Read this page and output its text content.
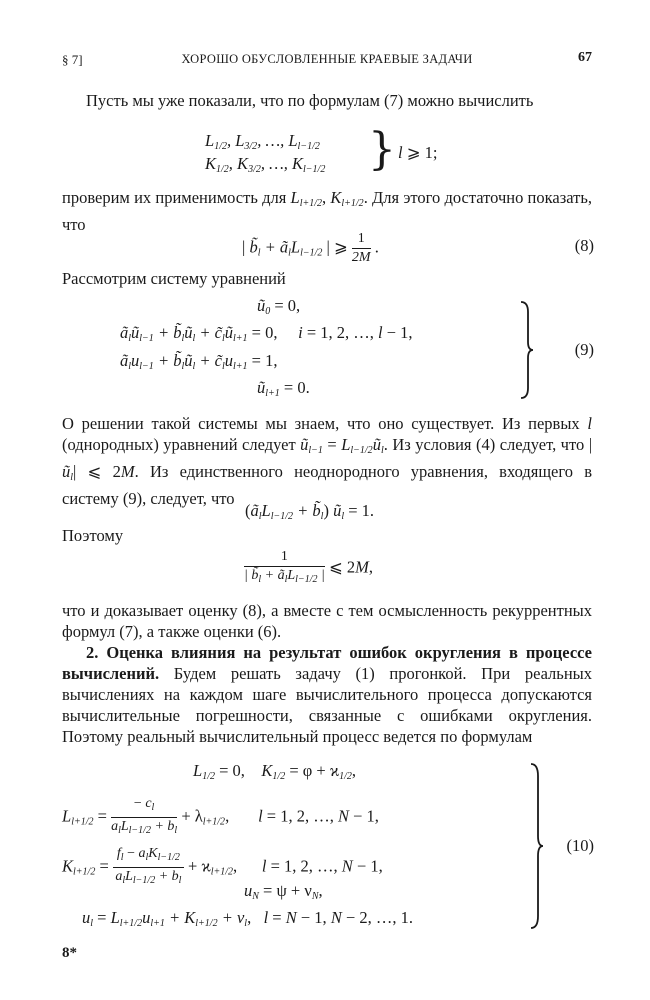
§ 7]	ХОРОШО ОБУСЛОВЛЕННЫЕ КРАЕВЫЕ ЗАДАЧИ	67
Пусть мы уже показали, что по формулам (7) можно вычислить
$L_{1/2}$, $L_{3/2}$, …, $L_{l-1/2}$
$K_{1/2}$, $K_{3/2}$, …, $K_{l-1/2}$ } l ⩾ 1;
проверим их применимость для $L_{l+1/2}$, $K_{l+1/2}$. Для этого достаточно показать, что
| $b̃_l$ + $ã_lL_{l-1/2}$ | ⩾ $\frac{1}{2M}$ .	(8)
Рассмотрим систему уравнений
$ũ_0 = 0$,
$ã_lũ_{l-1}$ + $b̃_lũ_l$ + $c̃_lũ_{l+1} = 0$,     i = 1, 2, …, l − 1,
$ã_lu_{l-1}$ + $b̃_lũ_l$ + $c̃_lu_{l+1} = 1$,
$ũ_{l+1} = 0$.
(9)
О решении такой системы мы знаем, что оно существует. Из первых l (однородных) уравнений следует $ũ_{l-1}$ = $L_{l-1/2}ũ_l$. Из условия (4) следует, что $|ũ_l|$ ⩽ 2M. Из единственного неоднородного уравнения, входящего в систему (9), следует, что
($ã_lL_{l-1/2}$ + $b̃_l$) $ũ_l = 1$.
Поэтому
$\frac{1}{| b̃_l + ã_lL_{l-1/2} |}$ ⩽ 2M,
что и доказывает оценку (8), а вместе с тем осмысленность рекуррентных формул (7), а также оценки (6).
2. Оценка влияния на результат ошибок округления в процессе вычислений. Будем решать задачу (1) прогонкой. При реальных вычислениях на каждом шаге вычислительного процесса допускаются вычислительные погрешности, связанные с ошибками округления. Поэтому реальный вычислительный процесс ведется по формулам
$L_{1/2} = 0$,    $K_{1/2} = \varphi + ϰ_{1/2}$,
$L_{l+1/2} = \frac{- c_l}{a_lL_{l-1/2} + b_l} + \lambda_{l+1/2}$,       l = 1, 2, …, N − 1,
$K_{l+1/2} = \frac{f_l - a_lK_{l-1/2}}{a_lL_{l-1/2} + b_l} + ϰ_{l+1/2}$,      l = 1, 2, …, N − 1,
$u_N = \psi + \nu_N$,
$u_l = L_{l+1/2}u_{l+1} + K_{l+1/2} + \nu_l$,   l = N − 1, N − 2, …, 1.
(10)
8*
